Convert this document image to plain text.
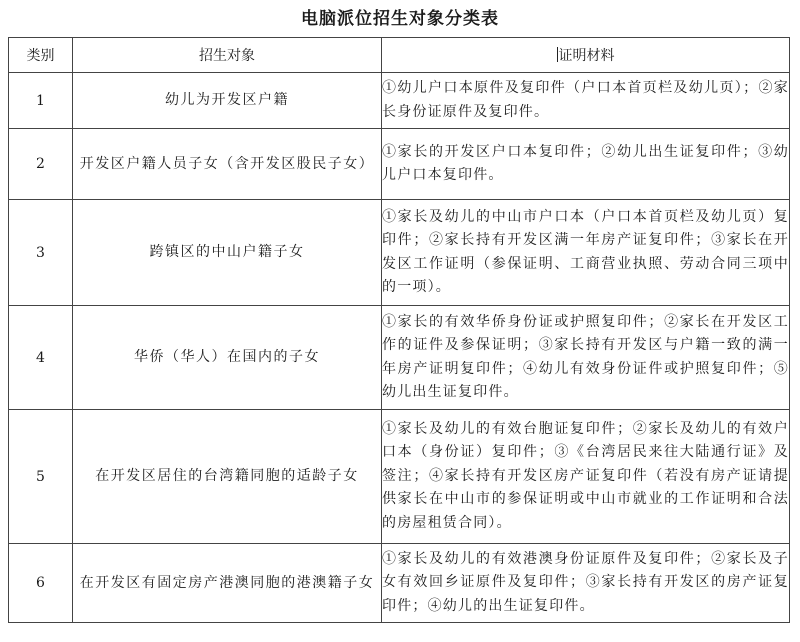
电脑派位招生对象分类表
类别	招生对象	证明材料
1	幼儿为开发区户籍	①幼儿户口本原件及复印件（户口本首页栏及幼儿页）；②家长身份证原件及复印件。
2	开发区户籍人员子女（含开发区股民子女）	①家长的开发区户口本复印件；②幼儿出生证复印件；③幼儿户口本复印件。
3	跨镇区的中山户籍子女	①家长及幼儿的中山市户口本（户口本首页栏及幼儿页）复印件；②家长持有开发区满一年房产证复印件；③家长在开发区工作证明（参保证明、工商营业执照、劳动合同三项中的一项）。
4	华侨（华人）在国内的子女	①家长的有效华侨身份证或护照复印件；②家长在开发区工作的证件及参保证明；③家长持有开发区与户籍一致的满一年房产证明复印件；④幼儿有效身份证件或护照复印件；⑤幼儿出生证复印件。
5	在开发区居住的台湾籍同胞的适龄子女	①家长及幼儿的有效台胞证复印件；②家长及幼儿的有效户口本（身份证）复印件；③《台湾居民来往大陆通行证》及签注；④家长持有开发区房产证复印件（若没有房产证请提供家长在中山市的参保证明或中山市就业的工作证明和合法的房屋租赁合同）。
6	在开发区有固定房产港澳同胞的港澳籍子女	①家长及幼儿的有效港澳身份证原件及复印件；②家长及子女有效回乡证原件及复印件；③家长持有开发区的房产证复印件；④幼儿的出生证复印件。
